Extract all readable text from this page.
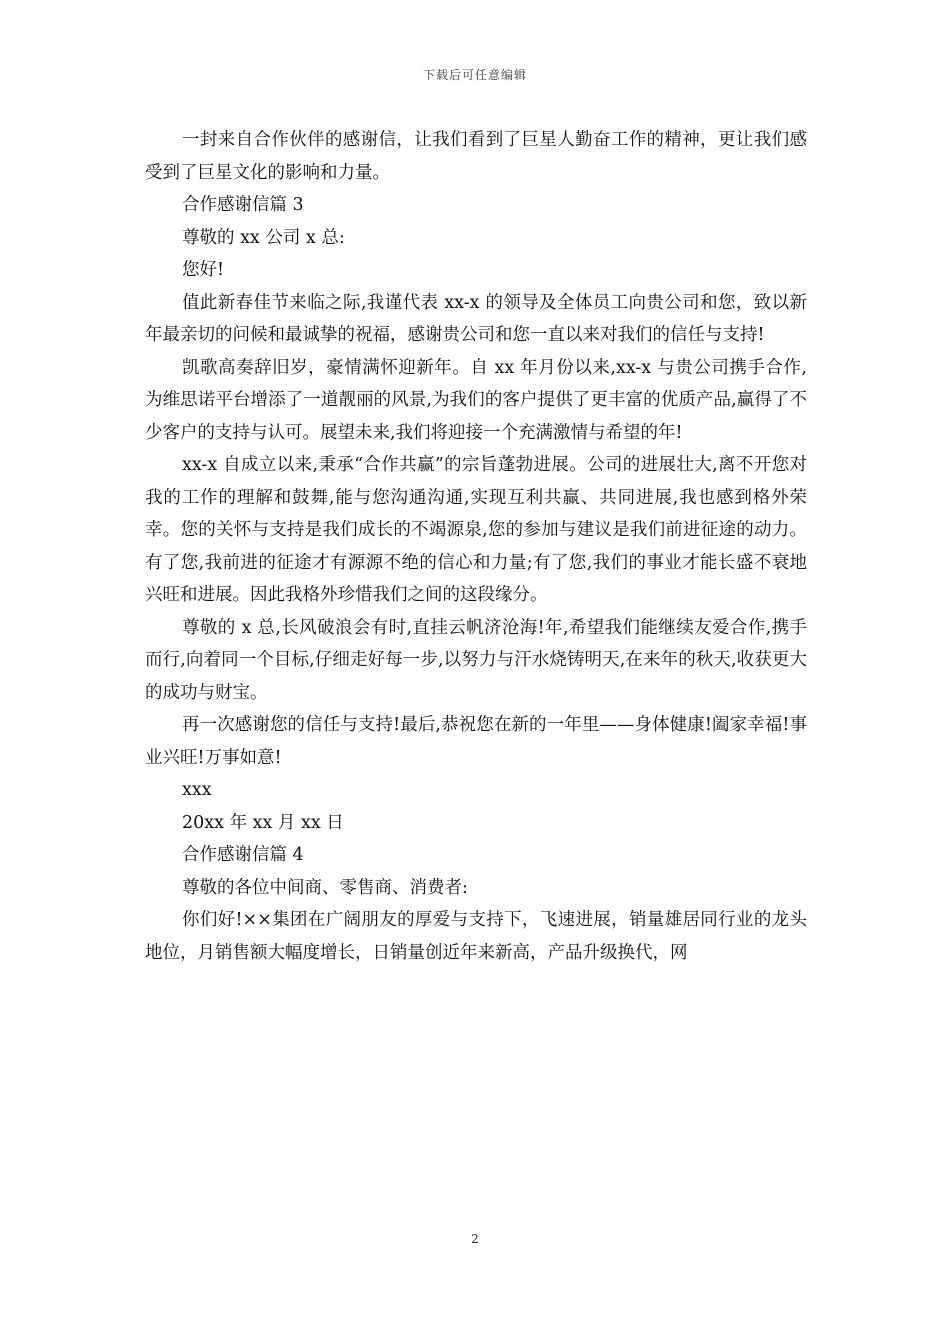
下载后可任意编辑

一封来自合作伙伴的感谢信，让我们看到了巨星人勤奋工作的精神，更让我们感受到了巨星文化的影响和力量。

合作感谢信篇 3

尊敬的 xx 公司 x 总:

您好!

值此新春佳节来临之际,我谨代表 xx-x 的领导及全体员工向贵公司和您，致以新年最亲切的问候和最诚挚的祝福，感谢贵公司和您一直以来对我们的信任与支持!

凯歌高奏辞旧岁，豪情满怀迎新年。自 xx 年月份以来,xx-x 与贵公司携手合作,为维思诺平台增添了一道靓丽的风景,为我们的客户提供了更丰富的优质产品,赢得了不少客户的支持与认可。展望未来,我们将迎接一个充满激情与希望的年!

xx-x 自成立以来,秉承“合作共赢”的宗旨蓬勃进展。公司的进展壮大,离不开您对我的工作的理解和鼓舞,能与您沟通沟通,实现互利共赢、共同进展,我也感到格外荣幸。您的关怀与支持是我们成长的不竭源泉,您的参加与建议是我们前进征途的动力。有了您,我前进的征途才有源源不绝的信心和力量;有了您,我们的事业才能长盛不衰地兴旺和进展。因此我格外珍惜我们之间的这段缘分。

尊敬的 x 总,长风破浪会有时,直挂云帆济沧海!年,希望我们能继续友爱合作,携手而行,向着同一个目标,仔细走好每一步,以努力与汗水烧铸明天,在来年的秋天,收获更大的成功与财宝。

再一次感谢您的信任与支持!最后,恭祝您在新的一年里——身体健康!阖家幸福!事业兴旺!万事如意!

xxx

20xx 年 xx 月 xx 日

合作感谢信篇 4

尊敬的各位中间商、零售商、消费者:

你们好!××集团在广阔朋友的厚爱与支持下，飞速进展，销量雄居同行业的龙头地位，月销售额大幅度增长，日销量创近年来新高，产品升级换代，网

2
